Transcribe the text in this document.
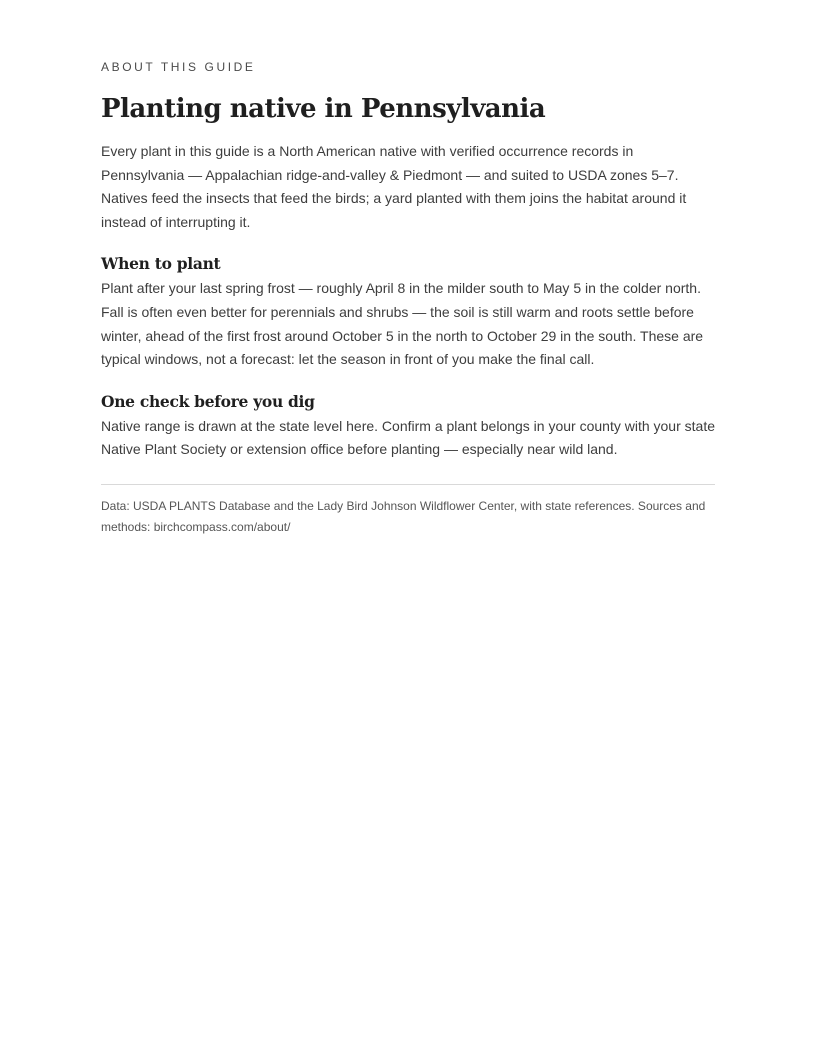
ABOUT THIS GUIDE

Planting native in Pennsylvania

Every plant in this guide is a North American native with verified occurrence records in Pennsylvania — Appalachian ridge-and-valley & Piedmont — and suited to USDA zones 5–7. Natives feed the insects that feed the birds; a yard planted with them joins the habitat around it instead of interrupting it.

When to plant

Plant after your last spring frost — roughly April 8 in the milder south to May 5 in the colder north. Fall is often even better for perennials and shrubs — the soil is still warm and roots settle before winter, ahead of the first frost around October 5 in the north to October 29 in the south. These are typical windows, not a forecast: let the season in front of you make the final call.

One check before you dig

Native range is drawn at the state level here. Confirm a plant belongs in your county with your state Native Plant Society or extension office before planting — especially near wild land.

Data: USDA PLANTS Database and the Lady Bird Johnson Wildflower Center, with state references. Sources and methods: birchcompass.com/about/
